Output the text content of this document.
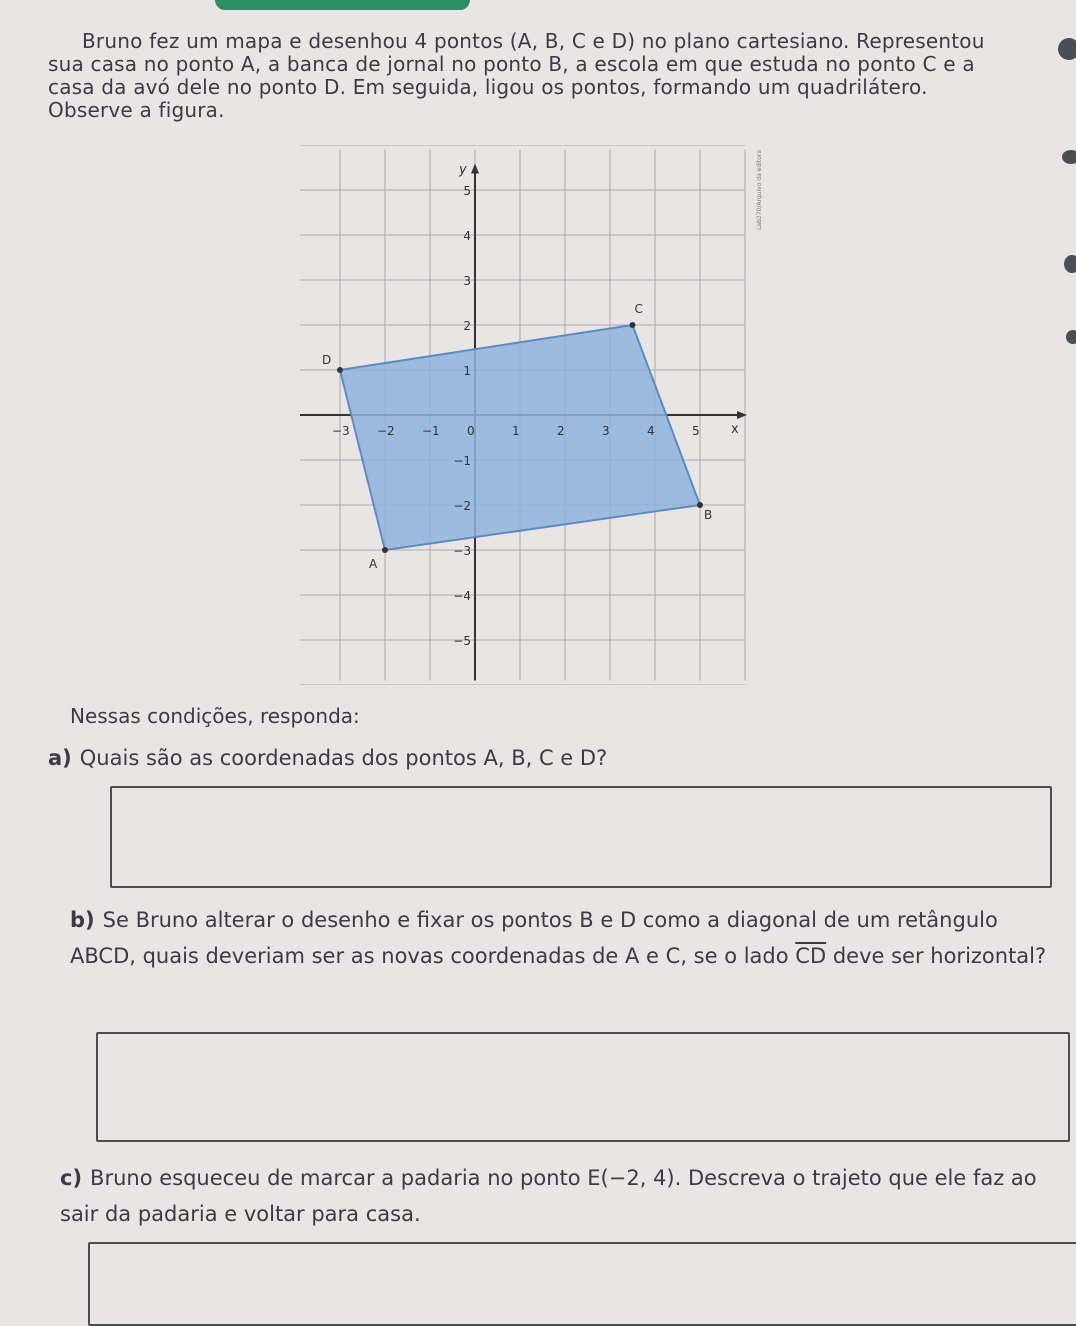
Bruno fez um mapa e desenhou 4 pontos (A, B, C e D) no plano cartesiano. Representou sua casa no ponto A, a banca de jornal no ponto B, a escola em que estuda no ponto C e a casa da avó dele no ponto D. Em seguida, ligou os pontos, formando um quadrilátero. Observe a figura.

Lab270/Arquivo da editora
x
y
−3 −2 −1 0	1	2	3	4	5
5
4
3
2
1
−1
−2
−3
−4
−5
A
B
C
D
Nessas condições, responda:
a) Quais são as coordenadas dos pontos A, B, C e D?
b) Se Bruno alterar o desenho e fixar os pontos B e D como a diagonal de um retângulo ABCD, quais deveriam ser as novas coordenadas de A e C, se o lado $\overline{CD}$ deve ser horizontal?
c) Bruno esqueceu de marcar a padaria no ponto E(−2, 4). Descreva o trajeto que ele faz ao sair da padaria e voltar para casa.
